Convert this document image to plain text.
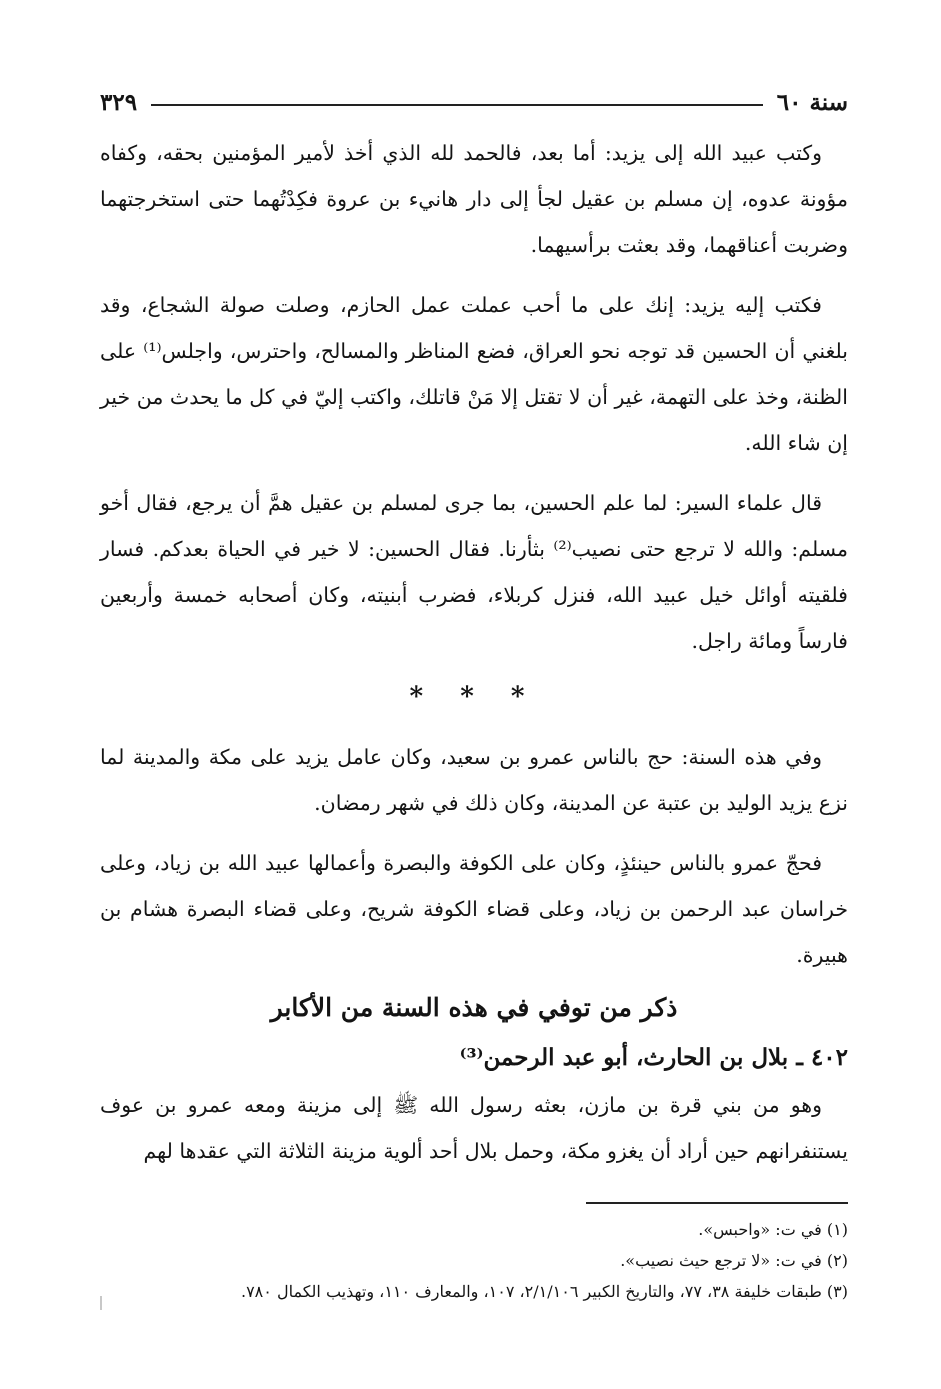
سنة ٦٠
٣٢٩

وكتب عبيد الله إلى يزيد: أما بعد، فالحمد لله الذي أخذ لأمير المؤمنين بحقه، وكفاه مؤونة عدوه، إن مسلم بن عقيل لجأ إلى دار هانيء بن عروة فكِدْتُهما حتى استخرجتهما وضربت أعناقهما، وقد بعثت برأسيهما.

فكتب إليه يزيد: إنك على ما أحب عملت عمل الحازم، وصلت صولة الشجاع، وقد بلغني أن الحسين قد توجه نحو العراق، فضع المناظر والمسالح، واحترس، واجلس⁽¹⁾ على الظنة، وخذ على التهمة، غير أن لا تقتل إلا مَنْ قاتلك، واكتب إليّ في كل ما يحدث من خير إن شاء الله.

قال علماء السير: لما علم الحسين، بما جرى لمسلم بن عقيل همَّ أن يرجع، فقال أخو مسلم: والله لا ترجع حتى نصيب⁽²⁾ بثأرنا. فقال الحسين: لا خير في الحياة بعدكم. فسار فلقيته أوائل خيل عبيد الله، فنزل كربلاء، فضرب أبنيته، وكان أصحابه خمسة وأربعين فارساً ومائة راجل.

* * *

وفي هذه السنة: حج بالناس عمرو بن سعيد، وكان عامل يزيد على مكة والمدينة لما نزع يزيد الوليد بن عتبة عن المدينة، وكان ذلك في شهر رمضان.

فحجّ عمرو بالناس حينئذٍ، وكان على الكوفة والبصرة وأعمالها عبيد الله بن زياد، وعلى خراسان عبد الرحمن بن زياد، وعلى قضاء الكوفة شريح، وعلى قضاء البصرة هشام بن هبيرة.

ذكر من توفي في هذه السنة من الأكابر
٤٠٢ ـ بلال بن الحارث، أبو عبد الرحمن⁽³⁾

وهو من بني قرة بن مازن، بعثه رسول الله ﷺ إلى مزينة ومعه عمرو بن عوف يستنفرانهم حين أراد أن يغزو مكة، وحمل بلال أحد ألوية مزينة الثلاثة التي عقدها لهم

(١) في ت: «واحبس».

(٢) في ت: «لا ترجع حيث نصيب».

(٣) طبقات خليفة ٣٨، ٧٧، والتاريخ الكبير ٢/١/١٠٦، ١٠٧، والمعارف ١١٠، وتهذيب الكمال ٧٨٠.
